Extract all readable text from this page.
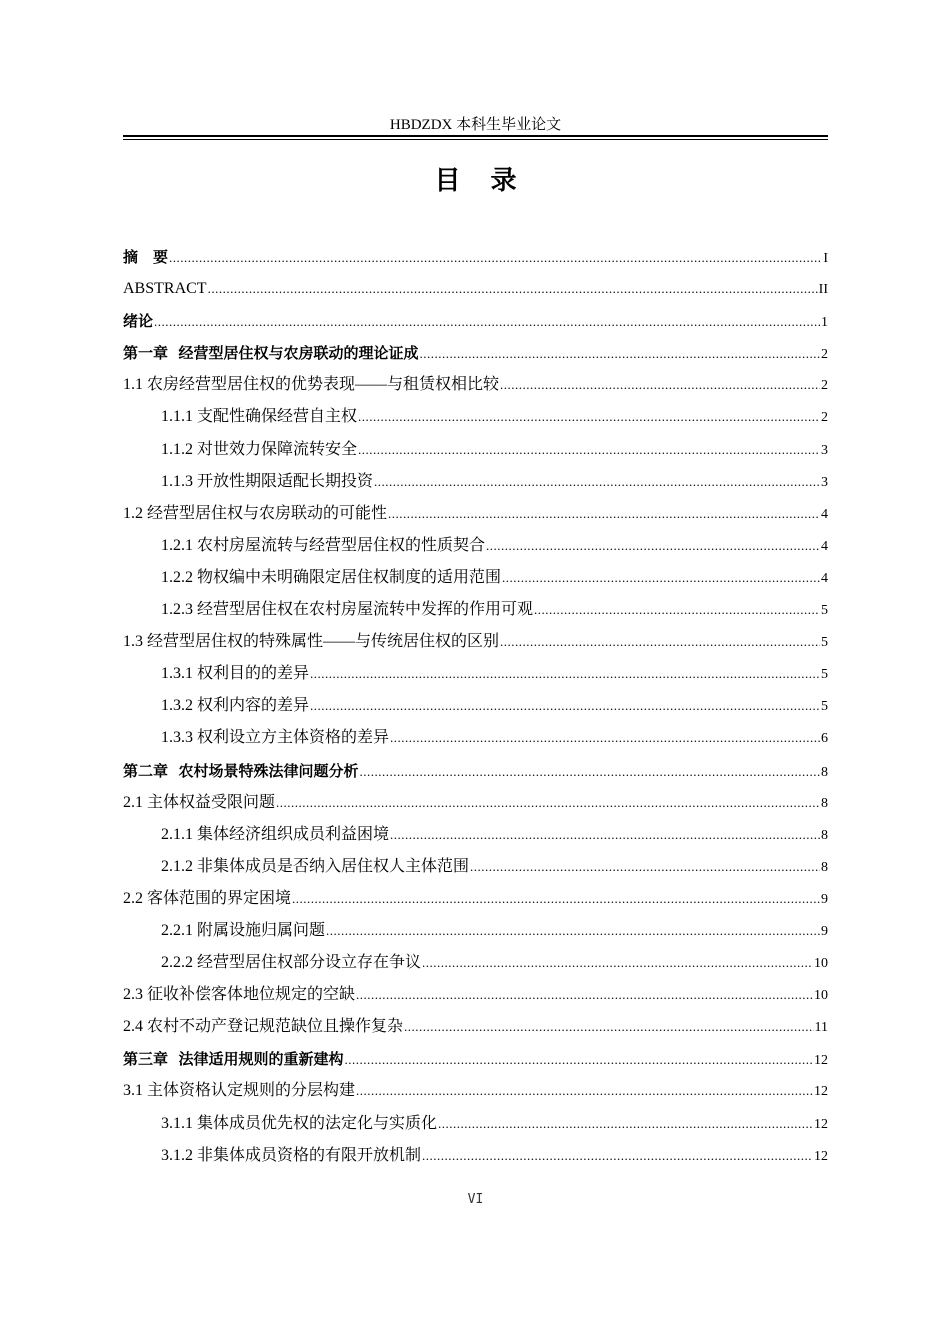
HBDZDX 本科生毕业论文
目录
摘　要 .....	I
ABSTRACT .....	II
绪论 .....	1
第一章  经营型居住权与农房联动的理论证成 .....	2
1.1 农房经营型居住权的优势表现——与租赁权相比较 .....	2
1.1.1 支配性确保经营自主权 .....	2
1.1.2 对世效力保障流转安全 .....	3
1.1.3 开放性期限适配长期投资 .....	3
1.2 经营型居住权与农房联动的可能性 .....	4
1.2.1 农村房屋流转与经营型居住权的性质契合 .....	4
1.2.2 物权编中未明确限定居住权制度的适用范围 .....	4
1.2.3 经营型居住权在农村房屋流转中发挥的作用可观 .....	5
1.3 经营型居住权的特殊属性——与传统居住权的区别 .....	5
1.3.1 权利目的的差异 .....	5
1.3.2 权利内容的差异 .....	5
1.3.3 权利设立方主体资格的差异 .....	6
第二章  农村场景特殊法律问题分析 .....	8
2.1 主体权益受限问题 .....	8
2.1.1 集体经济组织成员利益困境 .....	8
2.1.2 非集体成员是否纳入居住权人主体范围 .....	8
2.2 客体范围的界定困境 .....	9
2.2.1 附属设施归属问题 .....	9
2.2.2 经营型居住权部分设立存在争议 .....	10
2.3 征收补偿客体地位规定的空缺 .....	10
2.4 农村不动产登记规范缺位且操作复杂 .....	11
第三章  法律适用规则的重新建构 .....	12
3.1 主体资格认定规则的分层构建 .....	12
3.1.1 集体成员优先权的法定化与实质化 .....	12
3.1.2 非集体成员资格的有限开放机制 .....	12
VI
